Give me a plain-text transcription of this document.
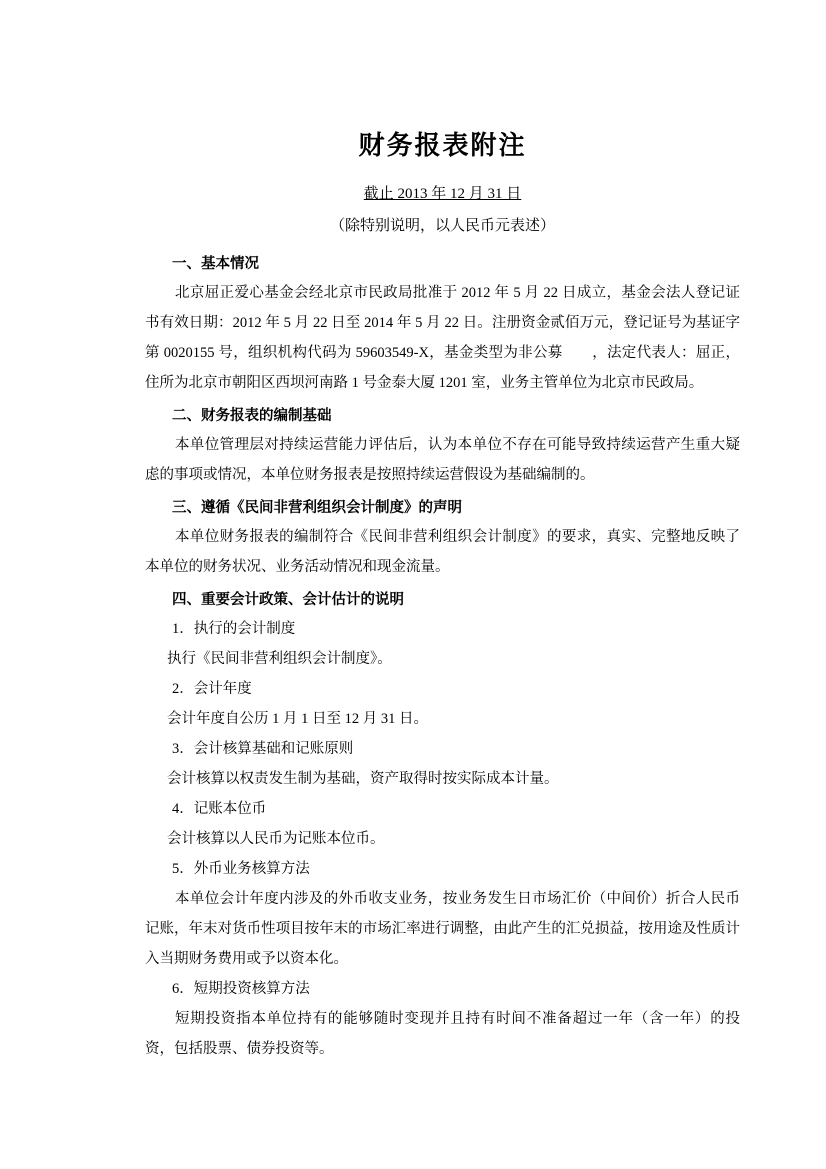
财务报表附注
截止 2013 年 12 月 31 日
（除特别说明，以人民币元表述）
一、基本情况

北京屈正爱心基金会经北京市民政局批准于 2012 年 5 月 22 日成立，基金会法人登记证书有效日期：2012 年 5 月 22 日至 2014 年 5 月 22 日。注册资金贰佰万元，登记证号为基证字第 0020155 号，组织机构代码为 59603549-X，基金类型为非公募　　，法定代表人：屈正，住所为北京市朝阳区西坝河南路 1 号金泰大厦 1201 室，业务主管单位为北京市民政局。

二、财务报表的编制基础

本单位管理层对持续运营能力评估后，认为本单位不存在可能导致持续运营产生重大疑虑的事项或情况，本单位财务报表是按照持续运营假设为基础编制的。

三、遵循《民间非营利组织会计制度》的声明

本单位财务报表的编制符合《民间非营利组织会计制度》的要求，真实、完整地反映了本单位的财务状况、业务活动情况和现金流量。

四、重要会计政策、会计估计的说明

1．执行的会计制度

执行《民间非营利组织会计制度》。

2．会计年度

会计年度自公历 1 月 1 日至 12 月 31 日。

3．会计核算基础和记账原则

会计核算以权责发生制为基础，资产取得时按实际成本计量。

4．记账本位币

会计核算以人民币为记账本位币。

5．外币业务核算方法

本单位会计年度内涉及的外币收支业务，按业务发生日市场汇价（中间价）折合人民币记账，年末对货币性项目按年末的市场汇率进行调整，由此产生的汇兑损益，按用途及性质计入当期财务费用或予以资本化。

6．短期投资核算方法

短期投资指本单位持有的能够随时变现并且持有时间不准备超过一年（含一年）的投资，包括股票、债券投资等。
